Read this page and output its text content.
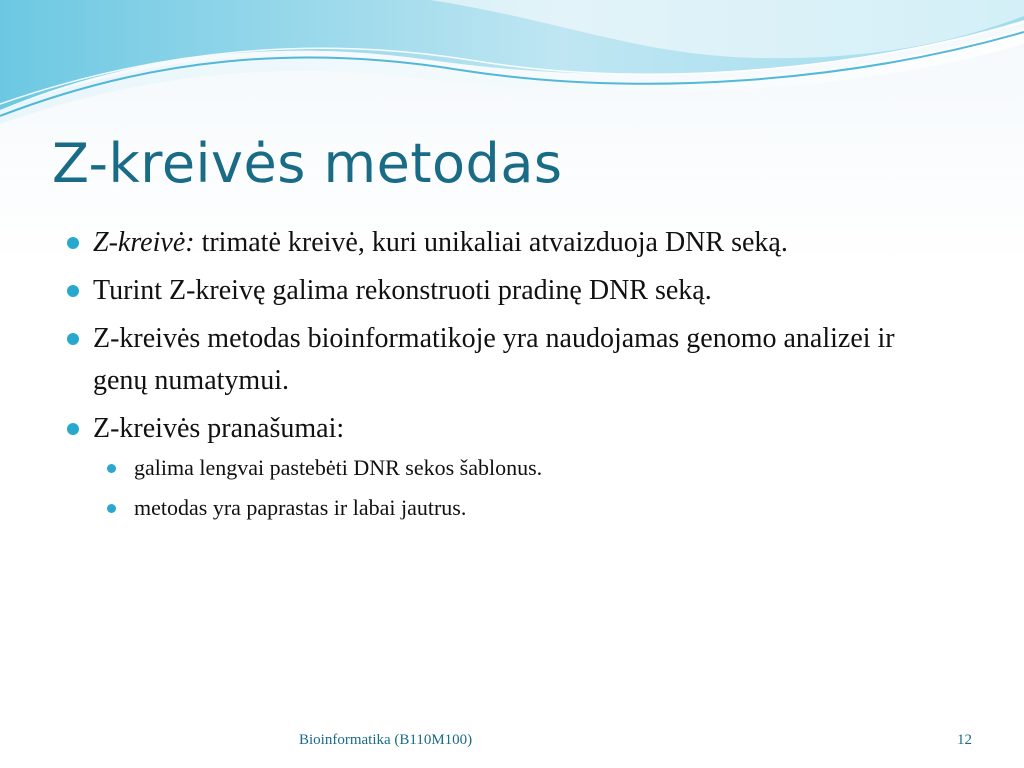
Z-kreivės metodas
Z-kreivė: trimatė kreivė, kuri unikaliai atvaizduoja DNR seką.
Turint Z-kreivę galima rekonstruoti pradinę DNR seką.
Z-kreivės metodas bioinformatikoje yra naudojamas genomo analizei ir genų numatymui.
Z-kreivės pranašumai:
galima lengvai pastebėti DNR sekos šablonus.
metodas yra paprastas ir labai jautrus.
Bioinformatika (B110M100)	12
